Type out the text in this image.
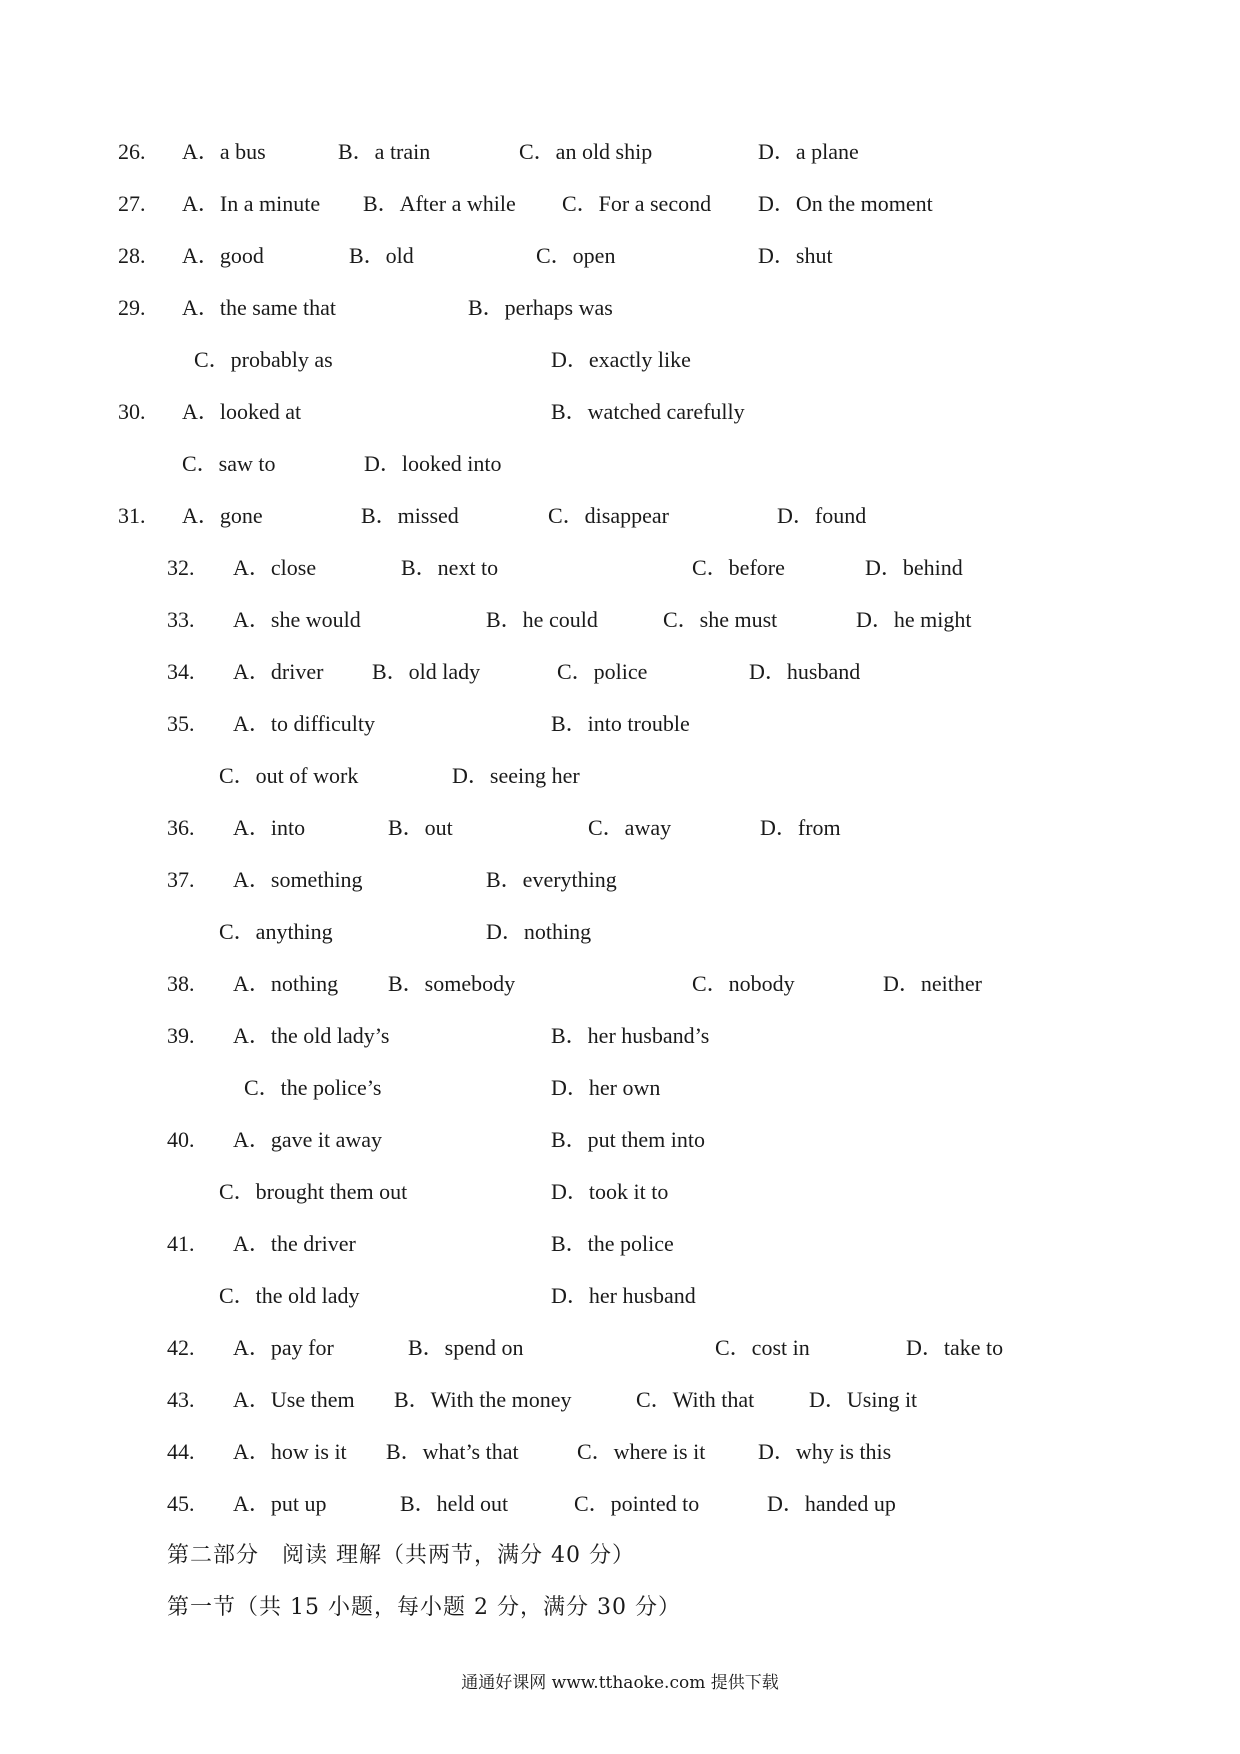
26. A．a bus	B．a train	C．an old ship	D．a plane
27. A．In a minute B．After a while C．For a second D．On the moment
28. A．good	B．old	C．open	D．shut
29. A．the same that	B．perhaps was
C．probably as	D．exactly like
30. A．looked at	B．watched carefully
C．saw to	D．looked into
31. A．gone	B．missed	C．disappear	D．found
32. A．close	B．next to	C．before	D．behind
33. A．she would	B．he could	C．she must	D．he might
34. A．driver B．old lady	C．police	D．husband
35. A．to difficulty	B．into trouble
C．out of work	D．seeing her
36. A．into	B．out	C．away	D．from
37. A．something	B．everything
C．anything	D．nothing
38. A．nothing B．somebody	C．nobody	D．neither
39. A．the old lady’s	B．her husband’s
C．the police’s	D．her own
40. A．gave it away	B．put them into
C．brought them out	D．took it to
41. A．the driver	B．the police
C．the old lady	D．her husband
42. A．pay for	B．spend on	C．cost in	D．take to
43. A．Use them B．With the money	C．With that D．Using it
44. A．how is it B．what’s that	C．where is it D．why is this
45. A．put up	B．held out	C．pointed to	D．handed up
第二部分　阅读 理解（共两节，满分 40 分）
第一节（共 15 小题，每小题 2 分，满分 30 分）
通通好课网 www.tthaoke.com 提供下载
